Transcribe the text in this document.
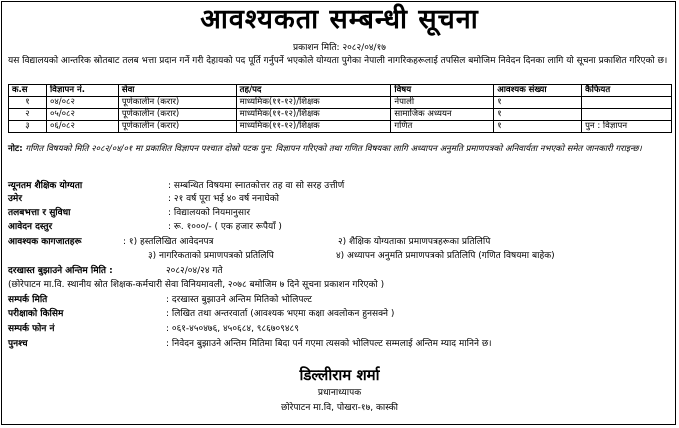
आवश्यकता सम्बन्धी सूचना
प्रकाशन मिति: २०८२/०४/१७
यस विद्यालयको आन्तरिक स्रोतबाट तलब भत्ता प्रदान गर्ने गरी देहायको पद पूर्ति गर्नुपर्ने भएकोले योग्यता पुगेका नेपाली नागरिकहरूलाई तपसिल बमोजिम निवेदन दिनका लागि यो सूचना प्रकाशित गरिएको छ।
क.स	विज्ञापन नं.	सेवा	तह/पद	विषय	आवश्यक संख्या	कैफियत
१	०४/०८२	पूर्णकालीन (करार)	माध्यमिक(११-१२)/शिक्षक	नेपाली	१	
२	०५/०८२	पूर्णकालीन (करार)	माध्यमिक(११-१२)/शिक्षक	सामाजिक अध्ययन	१	
३	०६/०८२	पूर्णकालीन (करार)	माध्यमिक(११-१२)/शिक्षक	गणित	१	पुन : विज्ञापन
नोट: गणित विषयको मिति २०८२/०४/०१ मा प्रकाशित विज्ञापन पश्चात दोस्रो पटक पुन: विज्ञापन गरिएको तथा गणित विषयका लागि अध्यापन अनुमति प्रमाणपत्रको अनिवार्यता नभएको समेत जानकारी गराइन्छ।
न्यूनतम शैक्षिक योग्यता	: सम्बन्धित विषयमा स्नातकोत्तर तह वा सो सरह उत्तीर्ण
उमेर	: २१ वर्ष पूरा भई ४० वर्ष ननाघेको
तलबभत्ता र सुविधा	: विद्यालयको नियमानुसार
आवेदन दस्तुर	: रू. १०००/- ( एक हजार रूपैयाँ )
आवश्यक कागजातहरू	: १) हस्तलिखित आवेदनपत्र	२) शैक्षिक योग्यताका प्रमाणपत्रहरूका प्रतिलिपि
३) नागरिकताको प्रमाणपत्रको प्रतिलिपि	४) अध्यापन अनुमति प्रमाणपत्रको प्रतिलिपि (गणित विषयमा बाहेक)
दरखास्त बुझाउने अन्तिम मिति :	२०८२/०४/२४ गते
(छोरेपाटन मा.वि. स्थानीय स्रोत शिक्षक-कर्मचारी सेवा विनियमावली, २०७८ बमोजिम ७ दिने सूचना प्रकाशन गरिएको )
सम्पर्क मिति	: दरखास्त बुझाउने अन्तिम मितिको भोलिपल्ट
परीक्षाको किसिम	: लिखित तथा अन्तरवार्ता (आवश्यक भएमा कक्षा अवलोकन हुनसक्ने )
सम्पर्क फोन नं	: ०६१-४५०४७६, ४५०६८४, ९८६७०९४८९
पुनश्च	: निवेदन बुझाउने अन्तिम मितिमा बिदा पर्न गएमा त्यसको भोलिपल्ट सम्मलाई अन्तिम म्याद मानिने छ।
डिल्लीराम शर्मा
प्रधानाध्यापक
छोरेपाटन मा.वि, पोखरा-१७, कास्की
